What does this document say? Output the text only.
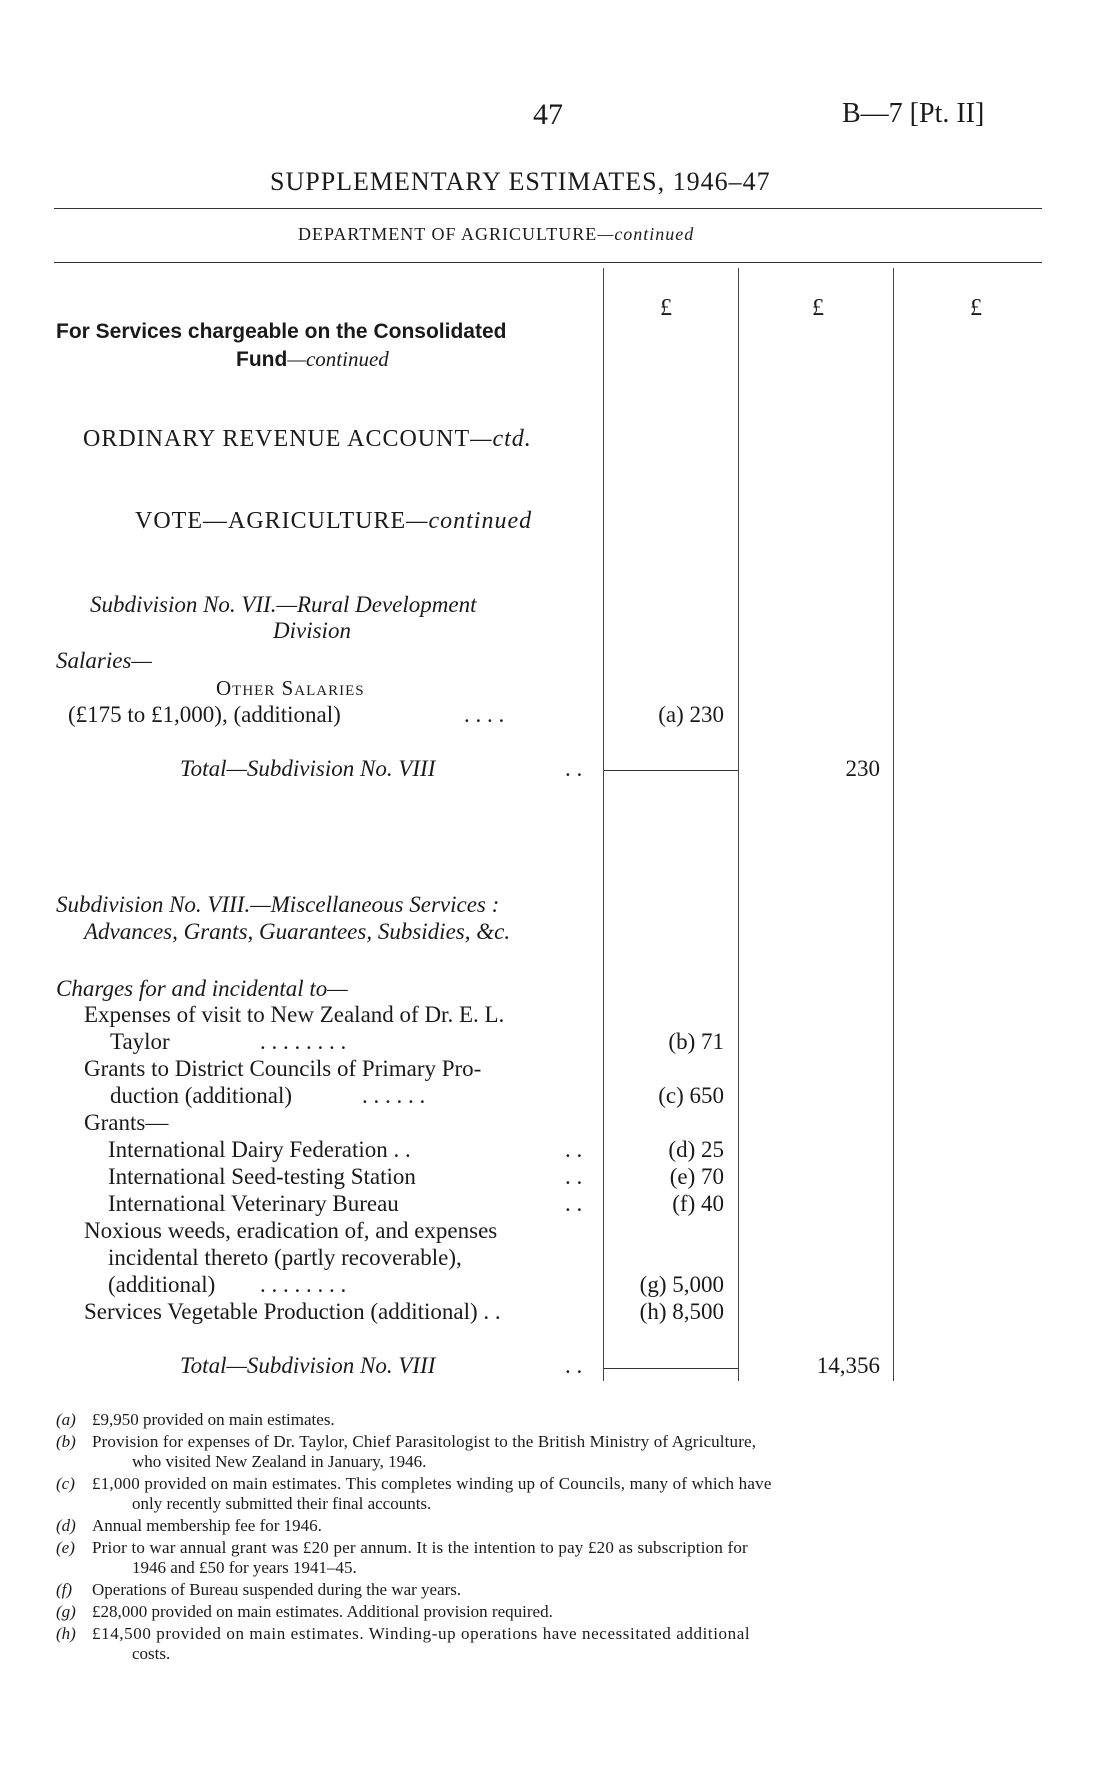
47	B—7 [Pt. II]
SUPPLEMENTARY ESTIMATES, 1946–47
DEPARTMENT OF AGRICULTURE—continued
£	£	£
For Services chargeable on the Consolidated
Fund—continued
ORDINARY REVENUE ACCOUNT—ctd.
VOTE—AGRICULTURE—continued
Subdivision No. VII.—Rural Development
Division
Salaries—
Other Salaries
(£175 to £1,000), (additional)	. . . .	(a) 230
Total—Subdivision No. VIII	. .	230
Subdivision No. VIII.—Miscellaneous Services :
Advances, Grants, Guarantees, Subsidies, &c.
Charges for and incidental to—
Expenses of visit to New Zealand of Dr. E. L.
Taylor	. . . . . . . .	(b) 71
Grants to District Councils of Primary Pro-
duction (additional)	. . . . . .	(c) 650
Grants—
International Dairy Federation . .	. .	(d) 25
International Seed-testing Station	. .	(e) 70
International Veterinary Bureau	. .	(f) 40
Noxious weeds, eradication of, and expenses
incidental thereto (partly recoverable),
(additional) . . . . . . . .	(g) 5,000
Services Vegetable Production (additional) . .	(h) 8,500
Total—Subdivision No. VIII	. .	14,356
(a) £9,950 provided on main estimates.
(b) Provision for expenses of Dr. Taylor, Chief Parasitologist to the British Ministry of Agriculture,
who visited New Zealand in January, 1946.
(c) £1,000 provided on main estimates. This completes winding up of Councils, many of which have
only recently submitted their final accounts.
(d) Annual membership fee for 1946.
(e) Prior to war annual grant was £20 per annum. It is the intention to pay £20 as subscription for
1946 and £50 for years 1941–45.
(f) Operations of Bureau suspended during the war years.
(g) £28,000 provided on main estimates. Additional provision required.
(h) £14,500 provided on main estimates. Winding-up operations have necessitated additional
costs.
